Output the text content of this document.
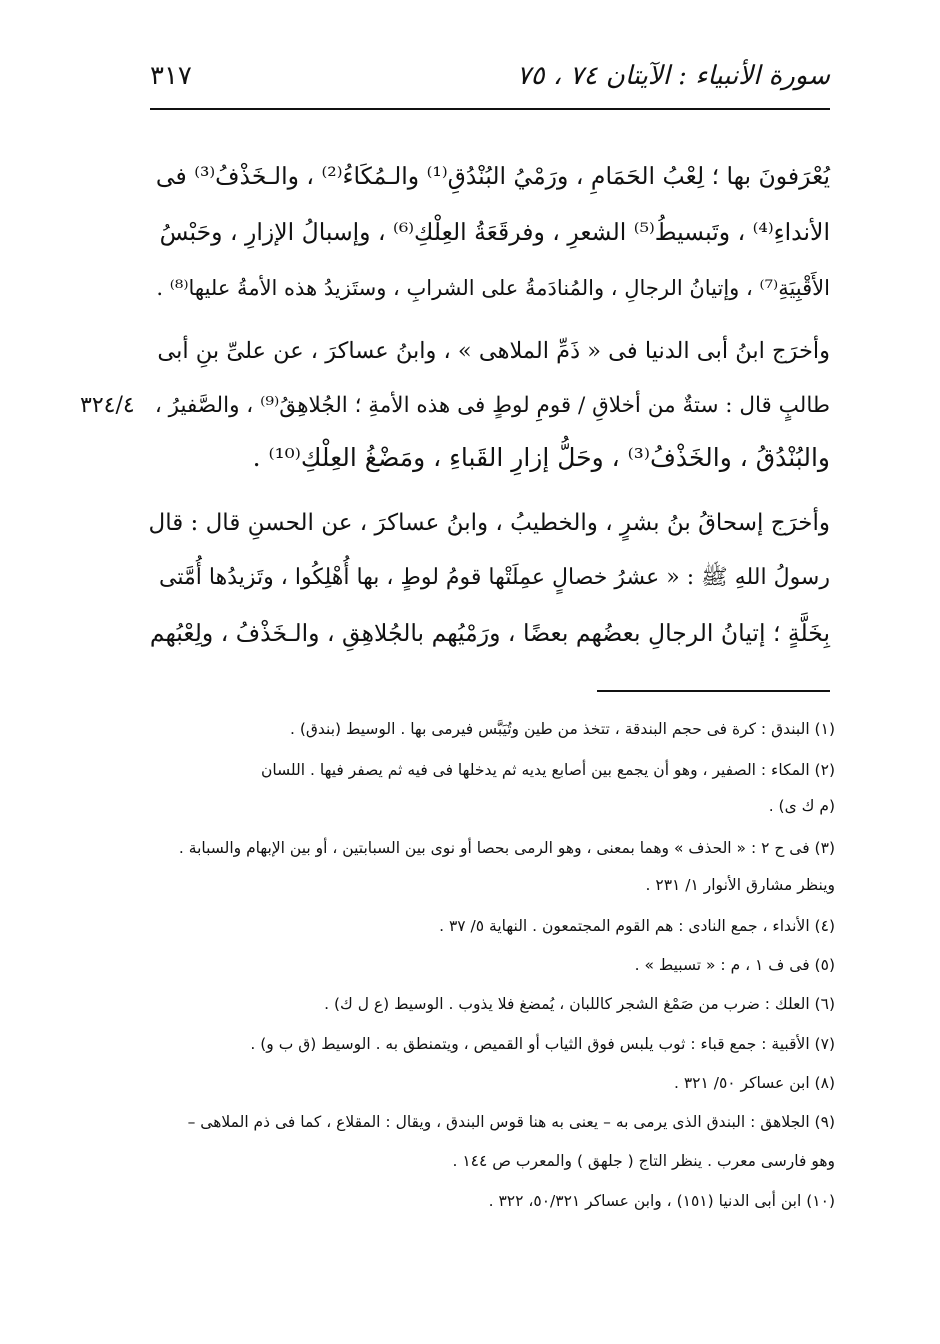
سورة الأنبياء : الآيتان ٧٤ ، ٧٥
٣١٧
يُعْرَفونَ بها ؛ لِعْبُ الحَمَامِ ، ورَمْيُ البُنْدُقِ⁽¹⁾ والـمُكَاءُ⁽²⁾ ، والـخَذْفُ⁽³⁾ فى
الأنداءِ⁽⁴⁾ ، وتَبسيطُ⁽⁵⁾ الشعرِ ، وفرقَعَةُ العِلْكِ⁽⁶⁾ ، وإسبالُ الإزارِ ، وحَبْسُ
الأَقْبِيَةِ⁽⁷⁾ ، وإتيانُ الرجالِ ، والمُنادَمةُ على الشرابِ ، وستَزيدُ هذه الأمةُ عليها⁽⁸⁾ .
وأخرَج ابنُ أبى الدنيا فى « ذَمِّ الملاهى » ، وابنُ عساكرَ ، عن علىِّ بنِ أبى
طالبٍ قال : ستةٌ من أخلاقِ / قومِ لوطٍ فى هذه الأمةِ ؛ الجُلاهِقُ⁽⁹⁾ ، والصَّفيرُ ،
والبُنْدُقُ ، والخَذْفُ⁽³⁾ ، وحَلُّ إزارِ القَباءِ ، ومَضْغُ العِلْكِ⁽¹⁰⁾ .
وأخرَج إسحاقُ بنُ بشرٍ ، والخطيبُ ، وابنُ عساكرَ ، عن الحسنِ قال : قال
رسولُ اللهِ ﷺ : « عشرُ خصالٍ عمِلَتْها قومُ لوطٍ ، بها أُهْلِكُوا ، وتَزيدُها أُمَّتى
بِخَلَّةٍ ؛ إتيانُ الرجالِ بعضُهم بعضًا ، ورَمْيُهم بالجُلاهِقِ ، والـخَذْفُ ، ولِعْبُهم
٣٢٤/٤
(١) البندق : كرة فى حجم البندقة ، تتخذ من طين وتُيَبَّس فيرمى بها . الوسيط (بندق) .
(٢) المكاء : الصفير ، وهو أن يجمع بين أصابع يديه ثم يدخلها فى فيه ثم يصفر فيها . اللسان
(م ك ى) .
(٣) فى ح ٢ : « الحذف » وهما بمعنى ، وهو الرمى بحصا أو نوى بين السبابتين ، أو بين الإبهام والسبابة .
وينظر مشارق الأنوار ١/ ٢٣١ .
(٤) الأنداء ، جمع النادى : هم القوم المجتمعون . النهاية ٥/ ٣٧ .
(٥) فى ف ١ ، م : « تسبيط » .
(٦) العلك : ضرب من صَمْغ الشجر كاللبان ، يُمضغ فلا يذوب . الوسيط (ع ل ك) .
(٧) الأقبية : جمع قباء : ثوب يلبس فوق الثياب أو القميص ، ويتمنطق به . الوسيط (ق ب و) .
(٨) ابن عساكر ٥٠/ ٣٢١ .
(٩) الجلاهق : البندق الذى يرمى به – يعنى به هنا قوس البندق ، ويقال : المقلاع ، كما فى ذم الملاهى –
وهو فارسى معرب . ينظر التاج ( جلهق ) والمعرب ص ١٤٤ .
(١٠) ابن أبى الدنيا (١٥١) ، وابن عساكر ٥٠/٣٢١، ٣٢٢ .
